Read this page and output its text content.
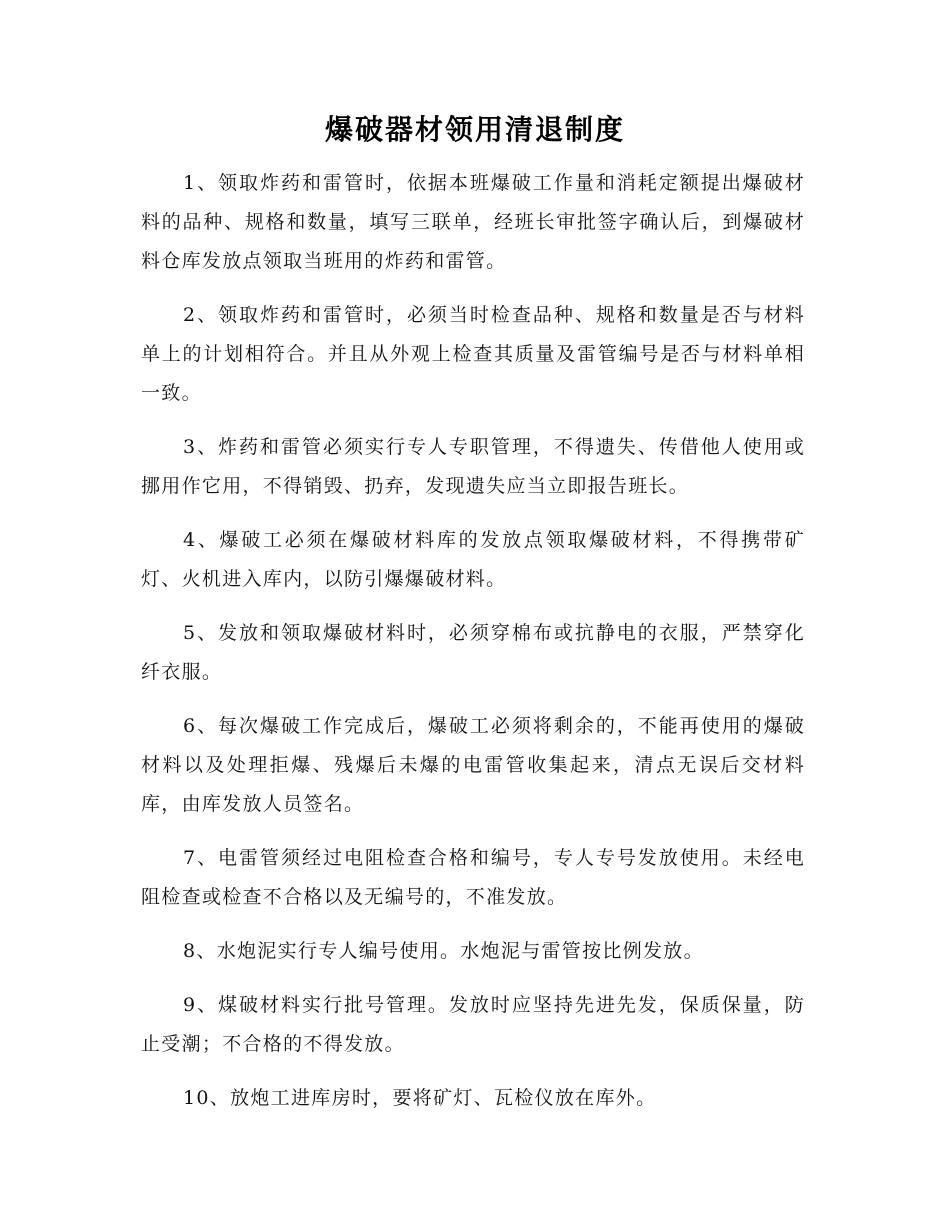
爆破器材领用清退制度

1、领取炸药和雷管时，依据本班爆破工作量和消耗定额提出爆破材料的品种、规格和数量，填写三联单，经班长审批签字确认后，到爆破材料仓库发放点领取当班用的炸药和雷管。

2、领取炸药和雷管时，必须当时检查品种、规格和数量是否与材料单上的计划相符合。并且从外观上检查其质量及雷管编号是否与材料单相一致。

3、炸药和雷管必须实行专人专职管理，不得遗失、传借他人使用或挪用作它用，不得销毁、扔弃，发现遗失应当立即报告班长。

4、爆破工必须在爆破材料库的发放点领取爆破材料，不得携带矿灯、火机进入库内，以防引爆爆破材料。

5、发放和领取爆破材料时，必须穿棉布或抗静电的衣服，严禁穿化纤衣服。

6、每次爆破工作完成后，爆破工必须将剩余的，不能再使用的爆破材料以及处理拒爆、残爆后未爆的电雷管收集起来，清点无误后交材料库，由库发放人员签名。

7、电雷管须经过电阻检查合格和编号，专人专号发放使用。未经电阻检查或检查不合格以及无编号的，不准发放。

8、水炮泥实行专人编号使用。水炮泥与雷管按比例发放。

9、煤破材料实行批号管理。发放时应坚持先进先发，保质保量，防止受潮；不合格的不得发放。

10、放炮工进库房时，要将矿灯、瓦检仪放在库外。
